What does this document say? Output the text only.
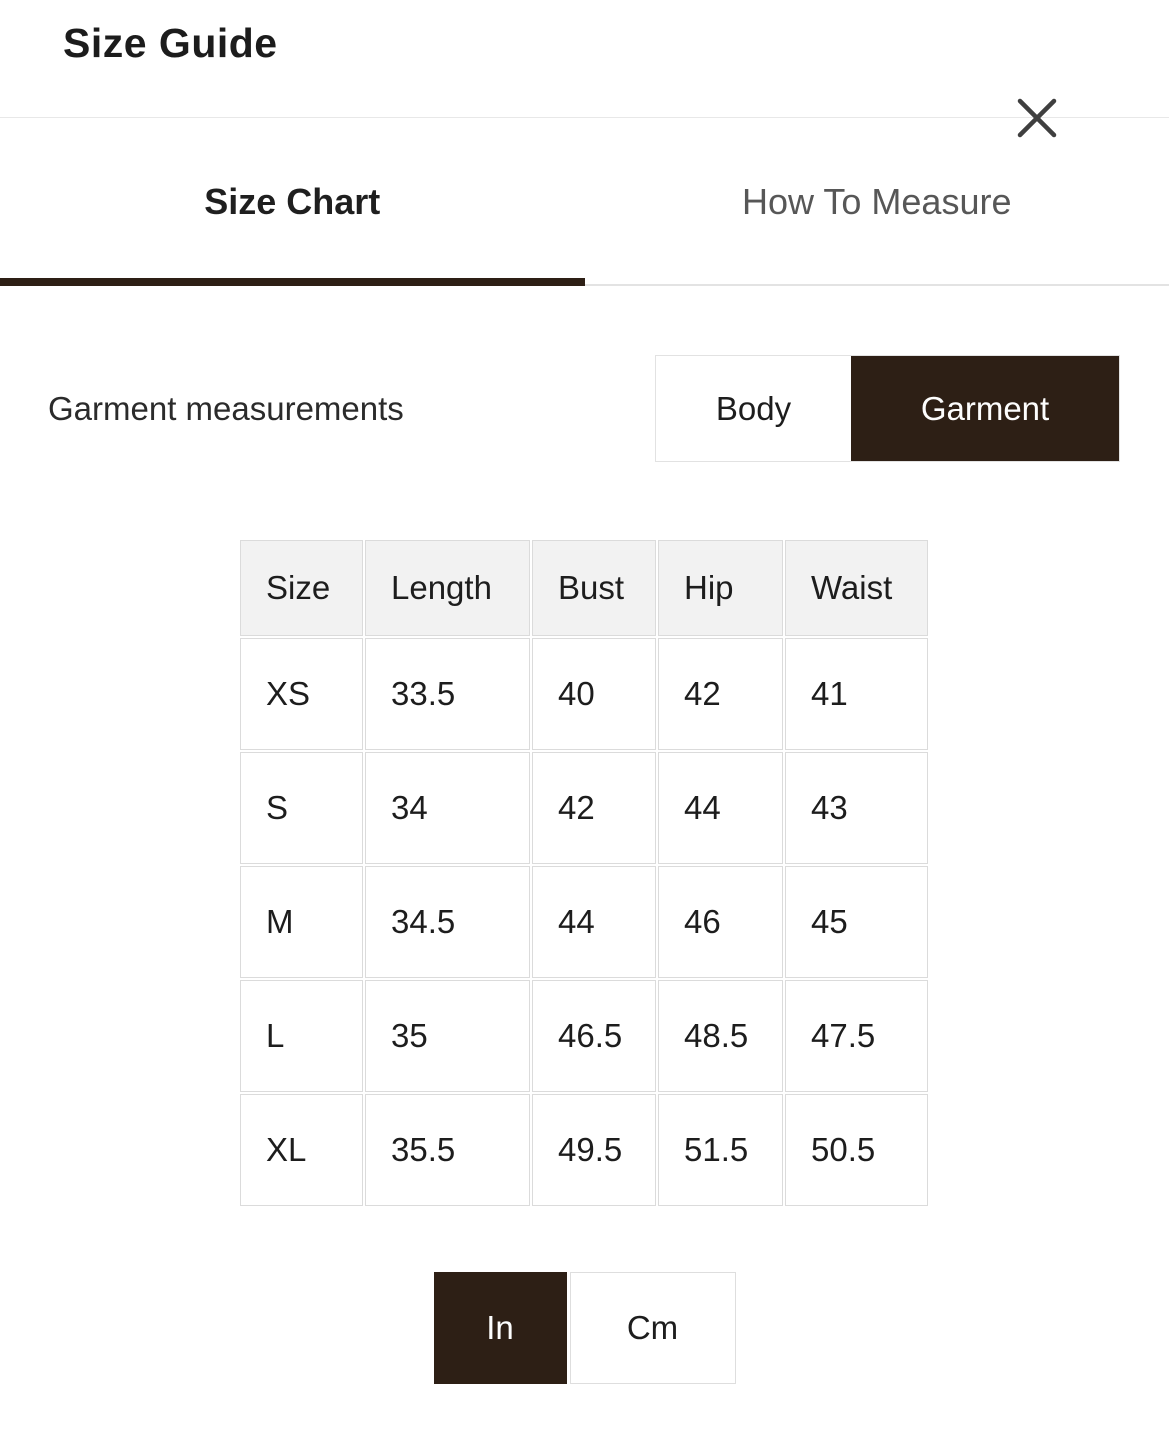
Size Guide
Size Chart	How To Measure
Garment measurements	Body	Garment
Size	Length	Bust	Hip	Waist
XS	33.5	40	42	41
S	34	42	44	43
M	34.5	44	46	45
L	35	46.5	48.5	47.5
XL	35.5	49.5	51.5	50.5
In	Cm
